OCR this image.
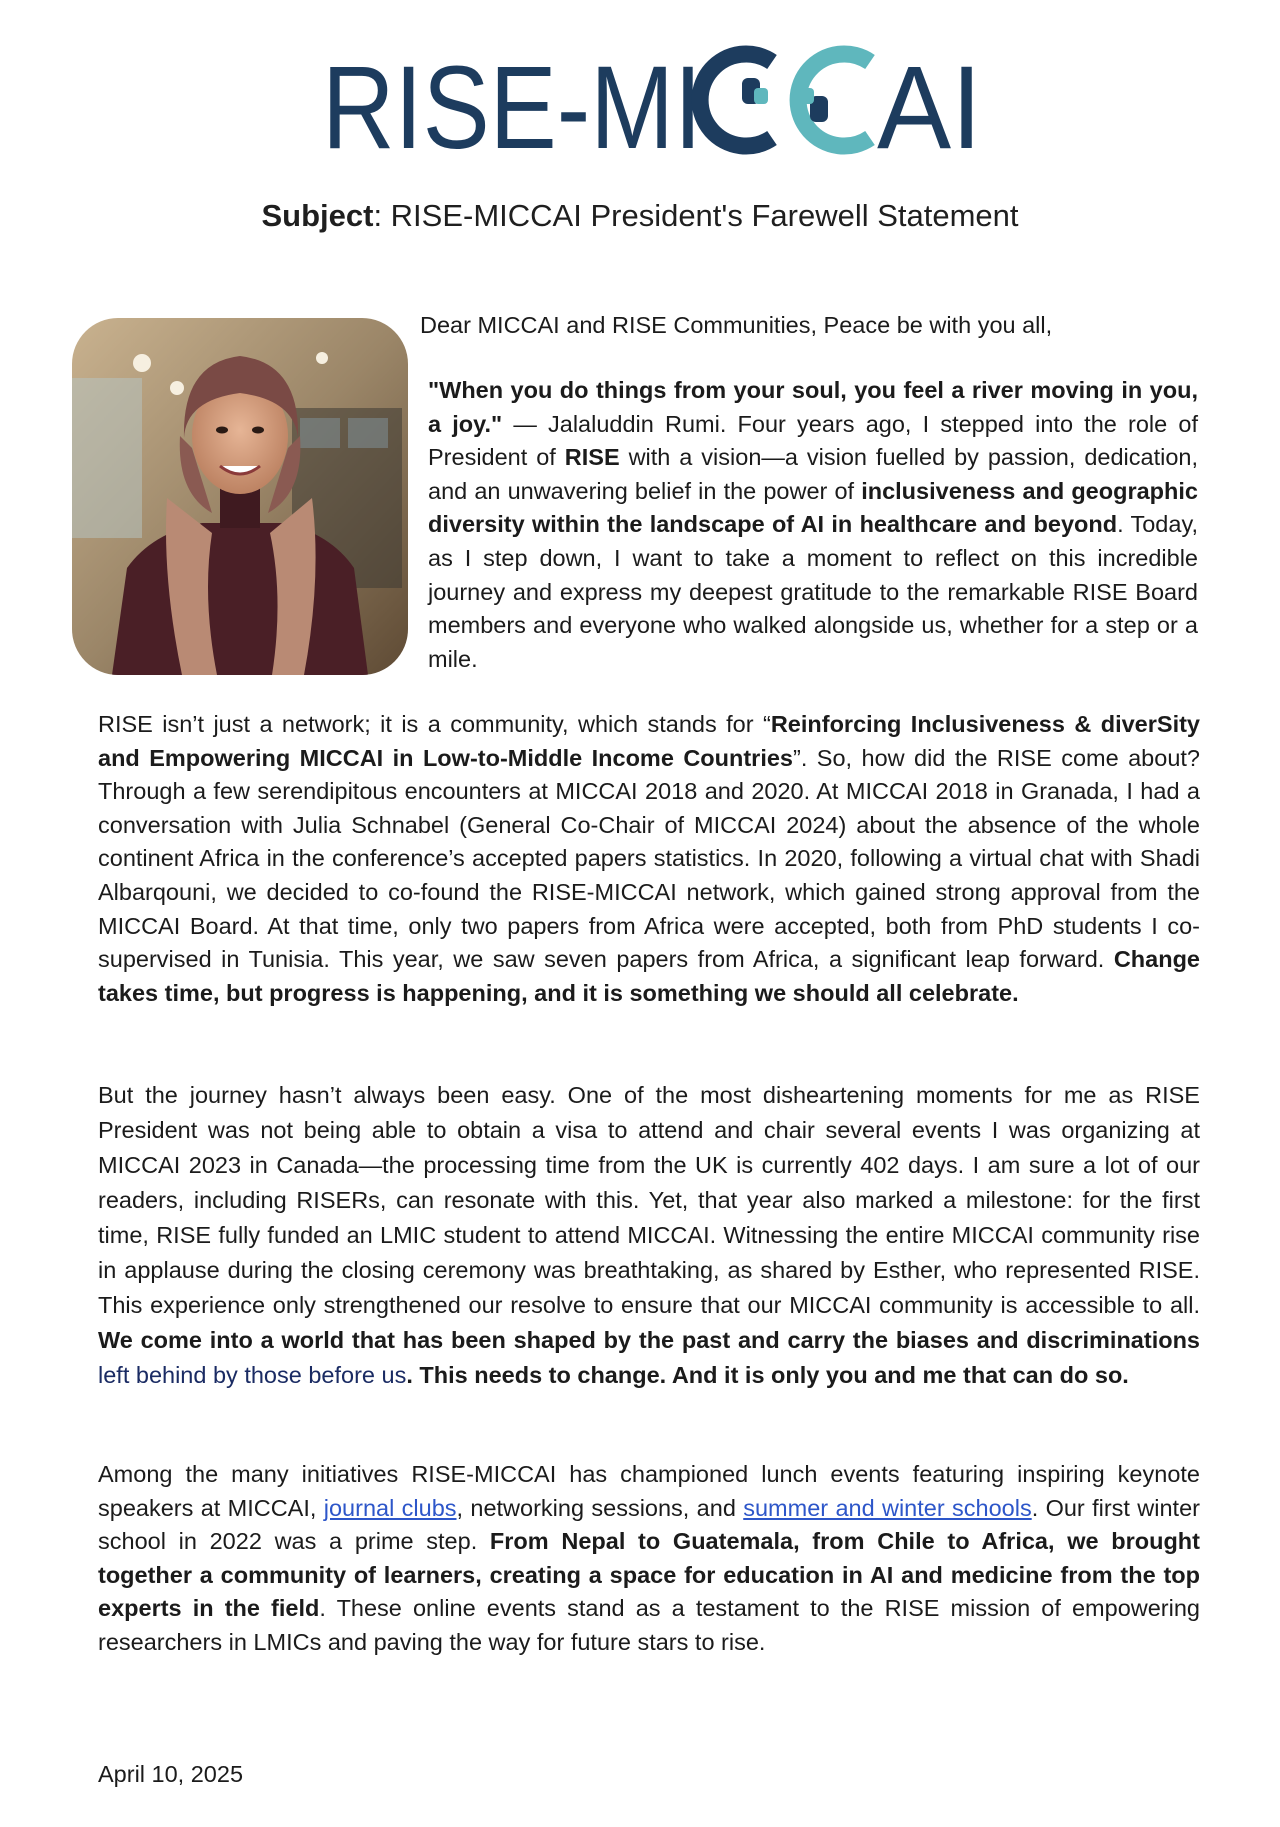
RISE-MI AI
Subject: RISE-MICCAI President's Farewell Statement
Dear MICCAI and RISE Communities, Peace be with you all,
"When you do things from your soul, you feel a river moving in you, a joy." — Jalaluddin Rumi. Four years ago, I stepped into the role of President of RISE with a vision—a vision fuelled by passion, dedication, and an unwavering belief in the power of inclusiveness and geographic diversity within the landscape of AI in healthcare and beyond. Today, as I step down, I want to take a moment to reflect on this incredible journey and express my deepest gratitude to the remarkable RISE Board members and everyone who walked alongside us, whether for a step or a mile.
RISE isn’t just a network; it is a community, which stands for “Reinforcing Inclusiveness & diverSity and Empowering MICCAI in Low-to-Middle Income Countries”. So, how did the RISE come about? Through a few serendipitous encounters at MICCAI 2018 and 2020. At MICCAI 2018 in Granada, I had a conversation with Julia Schnabel (General Co-Chair of MICCAI 2024) about the absence of the whole continent Africa in the conference’s accepted papers statistics. In 2020, following a virtual chat with Shadi Albarqouni, we decided to co-found the RISE-MICCAI network, which gained strong approval from the MICCAI Board. At that time, only two papers from Africa were accepted, both from PhD students I co-supervised in Tunisia. This year, we saw seven papers from Africa, a significant leap forward. Change takes time, but progress is happening, and it is something we should all celebrate.
But the journey hasn’t always been easy. One of the most disheartening moments for me as RISE President was not being able to obtain a visa to attend and chair several events I was organizing at MICCAI 2023 in Canada—the processing time from the UK is currently 402 days. I am sure a lot of our readers, including RISERs, can resonate with this. Yet, that year also marked a milestone: for the first time, RISE fully funded an LMIC student to attend MICCAI. Witnessing the entire MICCAI community rise in applause during the closing ceremony was breathtaking, as shared by Esther, who represented RISE. This experience only strengthened our resolve to ensure that our MICCAI community is accessible to all. We come into a world that has been shaped by the past and carry the biases and discriminations left behind by those before us. This needs to change. And it is only you and me that can do so.
Among the many initiatives RISE-MICCAI has championed lunch events featuring inspiring keynote speakers at MICCAI, journal clubs, networking sessions, and summer and winter schools. Our first winter school in 2022 was a prime step. From Nepal to Guatemala, from Chile to Africa, we brought together a community of learners, creating a space for education in AI and medicine from the top experts in the field. These online events stand as a testament to the RISE mission of empowering researchers in LMICs and paving the way for future stars to rise.
April 10, 2025
